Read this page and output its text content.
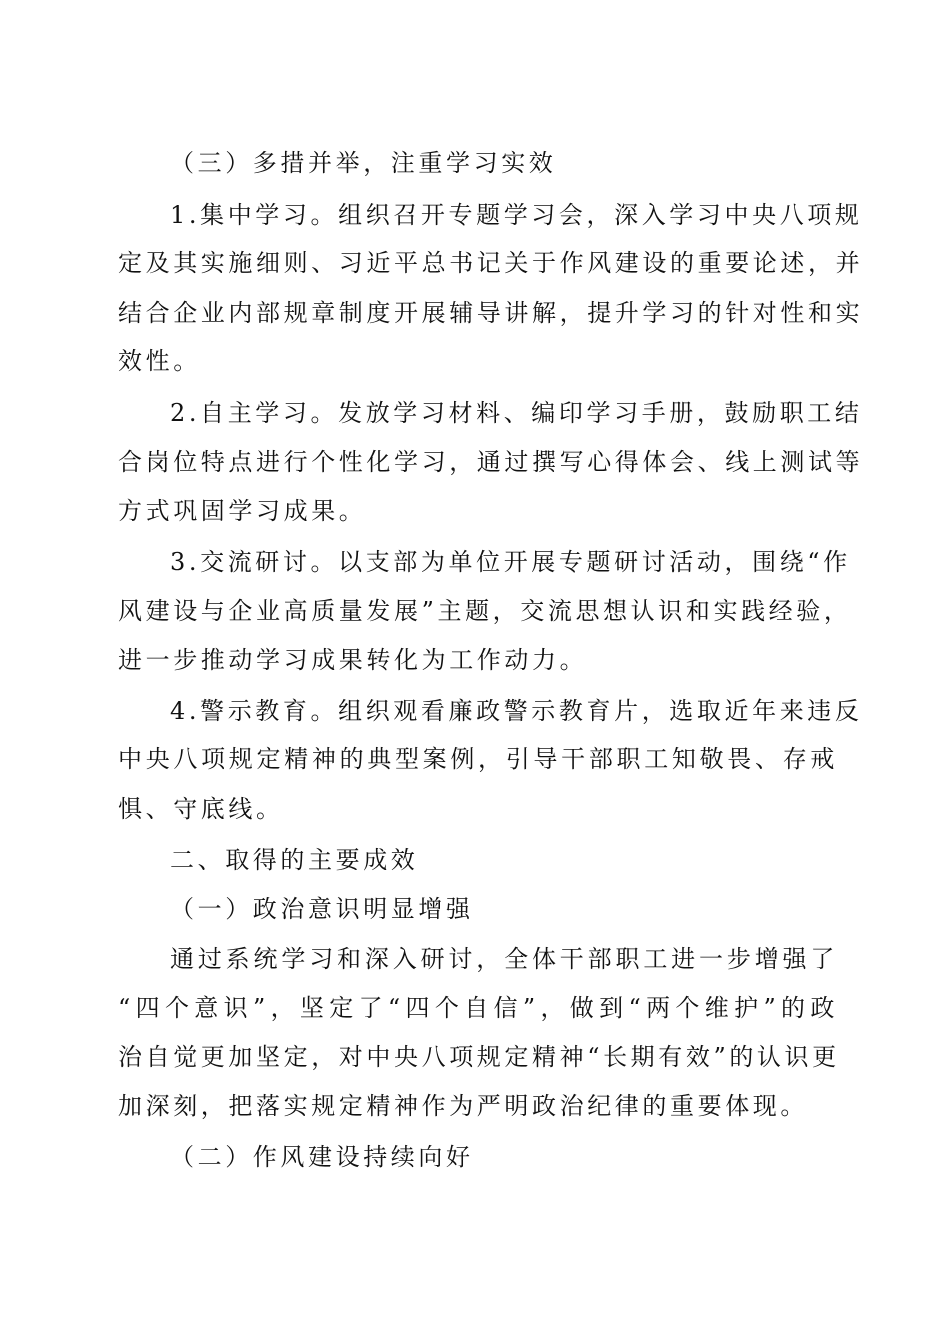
（三）多措并举，注重学习实效
1.集中学习。组织召开专题学习会，深入学习中央八项规
定及其实施细则、习近平总书记关于作风建设的重要论述，并
结合企业内部规章制度开展辅导讲解，提升学习的针对性和实
效性。
2.自主学习。发放学习材料、编印学习手册，鼓励职工结
合岗位特点进行个性化学习，通过撰写心得体会、线上测试等
方式巩固学习成果。
3.交流研讨。以支部为单位开展专题研讨活动，围绕“作
风建设与企业高质量发展”主题，交流思想认识和实践经验，
进一步推动学习成果转化为工作动力。
4.警示教育。组织观看廉政警示教育片，选取近年来违反
中央八项规定精神的典型案例，引导干部职工知敬畏、存戒
惧、守底线。
二、取得的主要成效
（一）政治意识明显增强
通过系统学习和深入研讨，全体干部职工进一步增强了
“四个意识”，坚定了“四个自信”，做到“两个维护”的政
治自觉更加坚定，对中央八项规定精神“长期有效”的认识更
加深刻，把落实规定精神作为严明政治纪律的重要体现。
（二）作风建设持续向好
